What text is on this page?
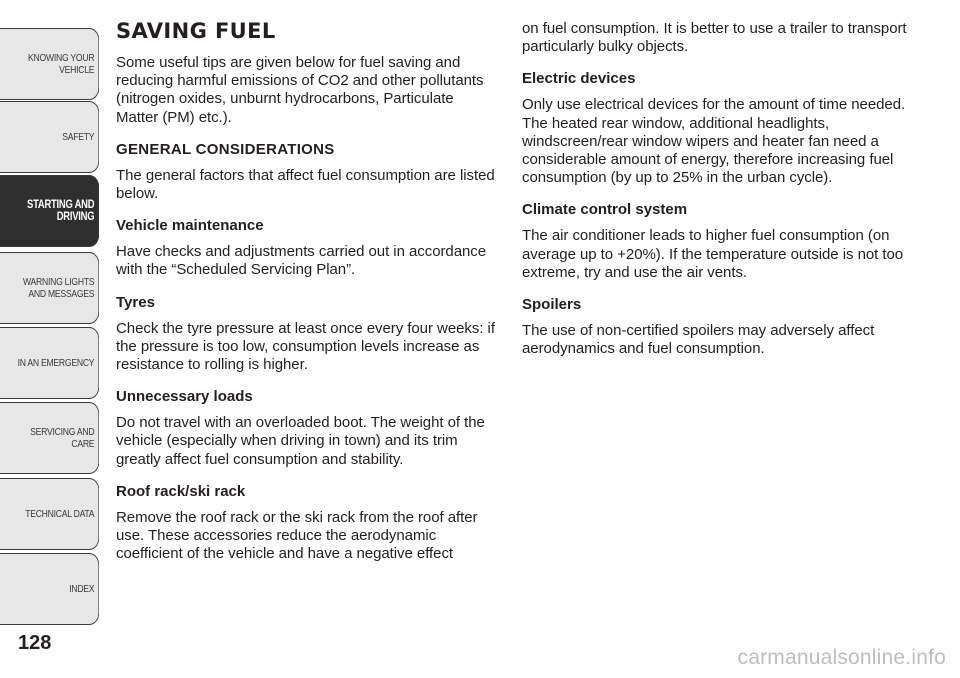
KNOWING YOUR
VEHICLE
SAFETY
STARTING AND
DRIVING
WARNING LIGHTS
AND MESSAGES
IN AN EMERGENCY
SERVICING AND
CARE
TECHNICAL DATA
INDEX
128
SAVING FUEL

Some useful tips are given below for fuel saving and reducing harmful emissions of CO2 and other pollutants (nitrogen oxides, unburnt hydrocarbons, Particulate Matter (PM) etc.).

GENERAL CONSIDERATIONS

The general factors that affect fuel consumption are listed below.

Vehicle maintenance

Have checks and adjustments carried out in accordance with the “Scheduled Servicing Plan”.

Tyres

Check the tyre pressure at least once every four weeks: if the pressure is too low, consumption levels increase as resistance to rolling is higher.

Unnecessary loads

Do not travel with an overloaded boot. The weight of the vehicle (especially when driving in town) and its trim greatly affect fuel consumption and stability.

Roof rack/ski rack

Remove the roof rack or the ski rack from the roof after use. These accessories reduce the aerodynamic coefficient of the vehicle and have a negative effect

on fuel consumption. It is better to use a trailer to transport particularly bulky objects.

Electric devices

Only use electrical devices for the amount of time needed. The heated rear window, additional headlights, windscreen/rear window wipers and heater fan need a considerable amount of energy, therefore increasing fuel consumption (by up to 25% in the urban cycle).

Climate control system

The air conditioner leads to higher fuel consumption (on average up to +20%). If the temperature outside is not too extreme, try and use the air vents.

Spoilers

The use of non-certified spoilers may adversely affect aerodynamics and fuel consumption.

carmanualsonline.info
